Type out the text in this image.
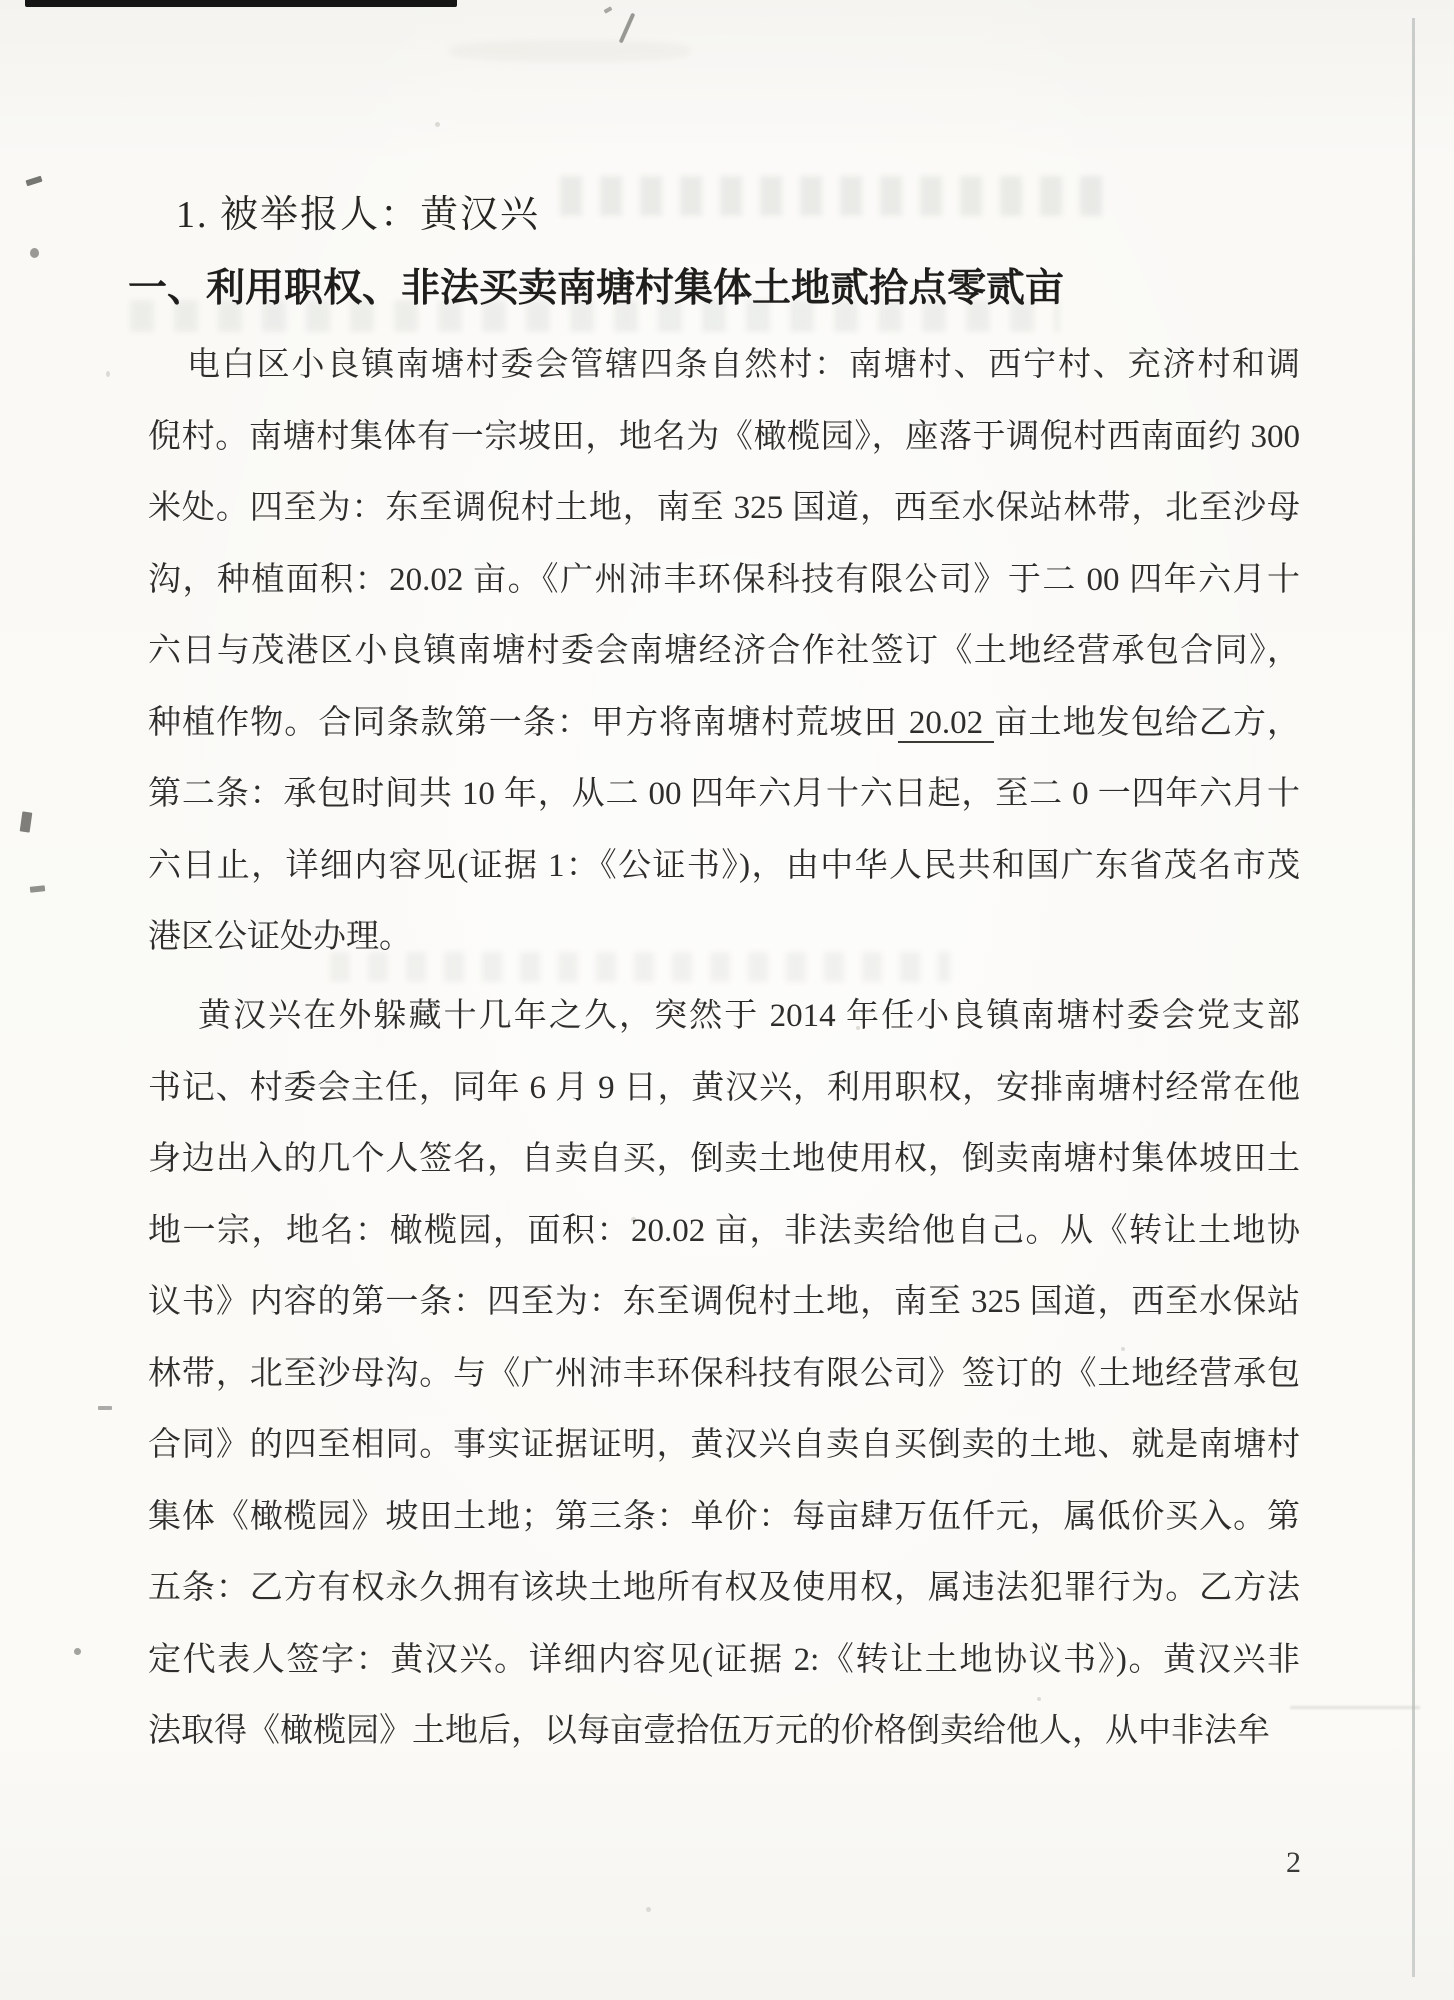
1. 被举报人：黄汉兴
一、利用职权、非法买卖南塘村集体土地贰拾点零贰亩
电白区小良镇南塘村委会管辖四条自然村：南塘村、西宁村、充济村和调
倪村。南塘村集体有一宗坡田，地名为《橄榄园》，座落于调倪村西南面约 300
米处。四至为：东至调倪村土地，南至 325 国道，西至水保站林带，北至沙母
沟，种植面积：20.02 亩。《广州沛丰环保科技有限公司》于二 00 四年六月十
六日与茂港区小良镇南塘村委会南塘经济合作社签订《土地经营承包合同》，
种植作物。合同条款第一条：甲方将南塘村荒坡田 20.02 亩土地发包给乙方，
第二条：承包时间共 10 年，从二 00 四年六月十六日起，至二 0 一四年六月十
六日止，详细内容见(证据 1：《公证书》)，由中华人民共和国广东省茂名市茂
港区公证处办理。
黄汉兴在外躲藏十几年之久，突然于 2014 年任小良镇南塘村委会党支部
书记、村委会主任，同年 6 月 9 日，黄汉兴，利用职权，安排南塘村经常在他
身边出入的几个人签名，自卖自买，倒卖土地使用权，倒卖南塘村集体坡田土
地一宗，地名：橄榄园，面积：20.02 亩，非法卖给他自己。从《转让土地协
议书》内容的第一条：四至为：东至调倪村土地，南至 325 国道，西至水保站
林带，北至沙母沟。与《广州沛丰环保科技有限公司》签订的《土地经营承包
合同》的四至相同。事实证据证明，黄汉兴自卖自买倒卖的土地、就是南塘村
集体《橄榄园》坡田土地；第三条：单价：每亩肆万伍仟元，属低价买入。第
五条：乙方有权永久拥有该块土地所有权及使用权，属违法犯罪行为。乙方法
定代表人签字：黄汉兴。详细内容见(证据 2:《转让土地协议书》)。黄汉兴非
法取得《橄榄园》土地后，以每亩壹拾伍万元的价格倒卖给他人，从中非法牟
2
